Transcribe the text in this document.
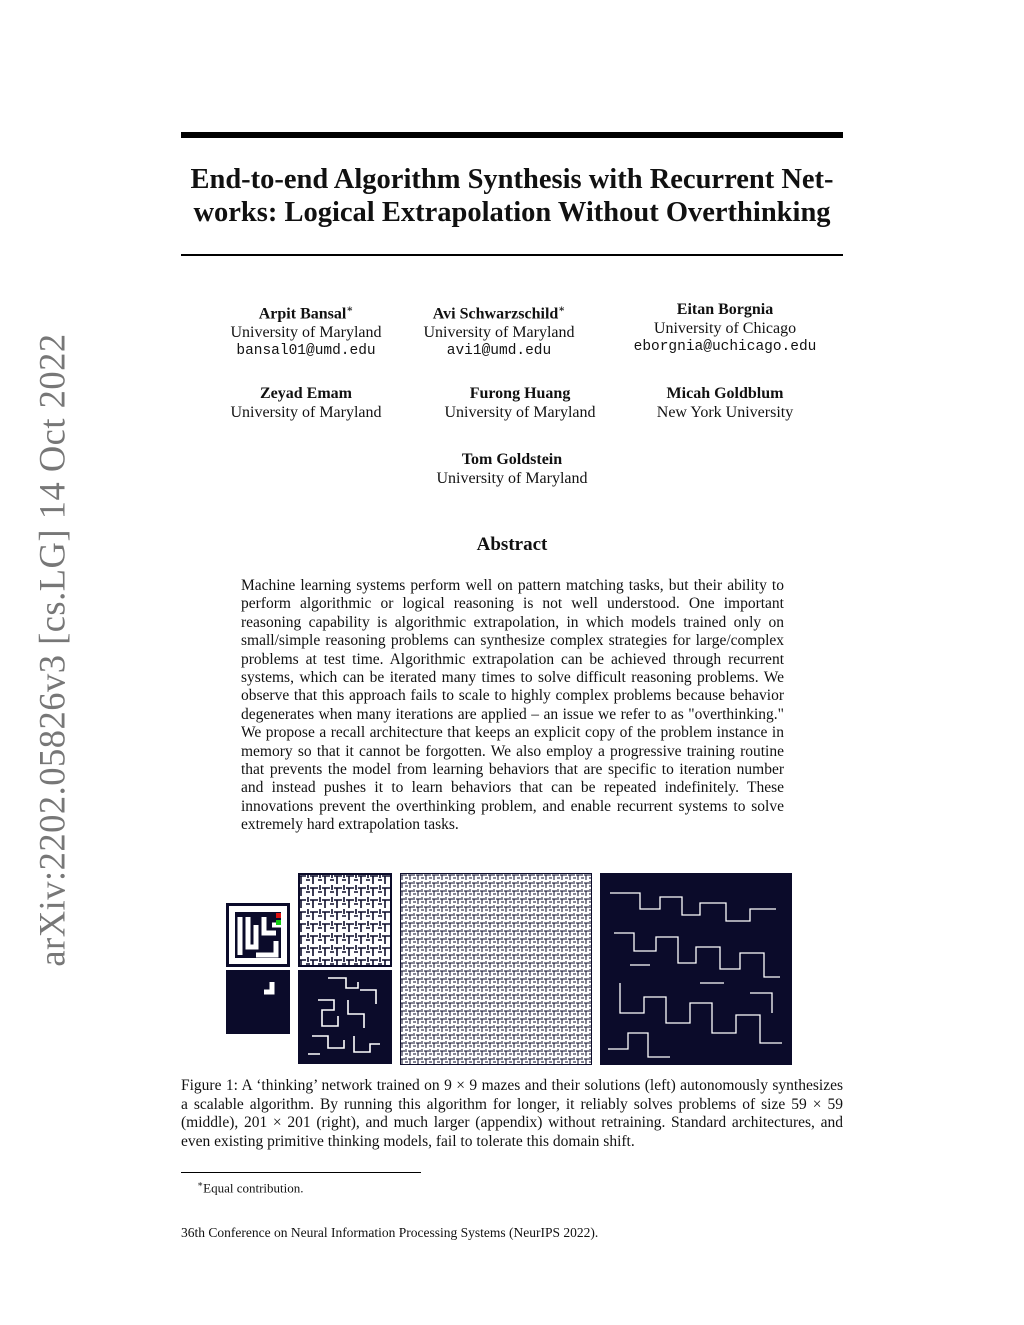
arXiv:2202.05826v3 [cs.LG] 14 Oct 2022
End-to-end Algorithm Synthesis with Recurrent Net-
works: Logical Extrapolation Without Overthinking
Arpit Bansal∗
University of Maryland
bansal01@umd.edu
Avi Schwarzschild∗
University of Maryland
avi1@umd.edu
Eitan Borgnia
University of Chicago
eborgnia@uchicago.edu
Zeyad Emam
University of Maryland
Furong Huang
University of Maryland
Micah Goldblum
New York University
Tom Goldstein
University of Maryland
Abstract

Machine learning systems perform well on pattern matching tasks, but their ability to perform algorithmic or logical reasoning is not well understood. One important reasoning capability is algorithmic extrapolation, in which models trained only on small/simple reasoning problems can synthesize complex strategies for large/complex problems at test time. Algorithmic extrapolation can be achieved through recurrent systems, which can be iterated many times to solve difficult reasoning problems. We observe that this approach fails to scale to highly complex problems because behavior degenerates when many iterations are applied – an issue we refer to as "overthinking." We propose a recall architecture that keeps an explicit copy of the problem instance in memory so that it cannot be forgotten. We also employ a progressive training routine that prevents the model from learning behaviors that are specific to iteration number and instead pushes it to learn behaviors that can be repeated indefinitely. These innovations prevent the overthinking problem, and enable recurrent systems to solve extremely hard extrapolation tasks.

Figure 1: A ‘thinking’ network trained on 9 × 9 mazes and their solutions (left) autonomously synthesizes a scalable algorithm. By running this algorithm for longer, it reliably solves problems of size 59 × 59 (middle), 201 × 201 (right), and much larger (appendix) without retraining. Standard architectures, and even existing primitive thinking models, fail to tolerate this domain shift.

∗Equal contribution.

36th Conference on Neural Information Processing Systems (NeurIPS 2022).
